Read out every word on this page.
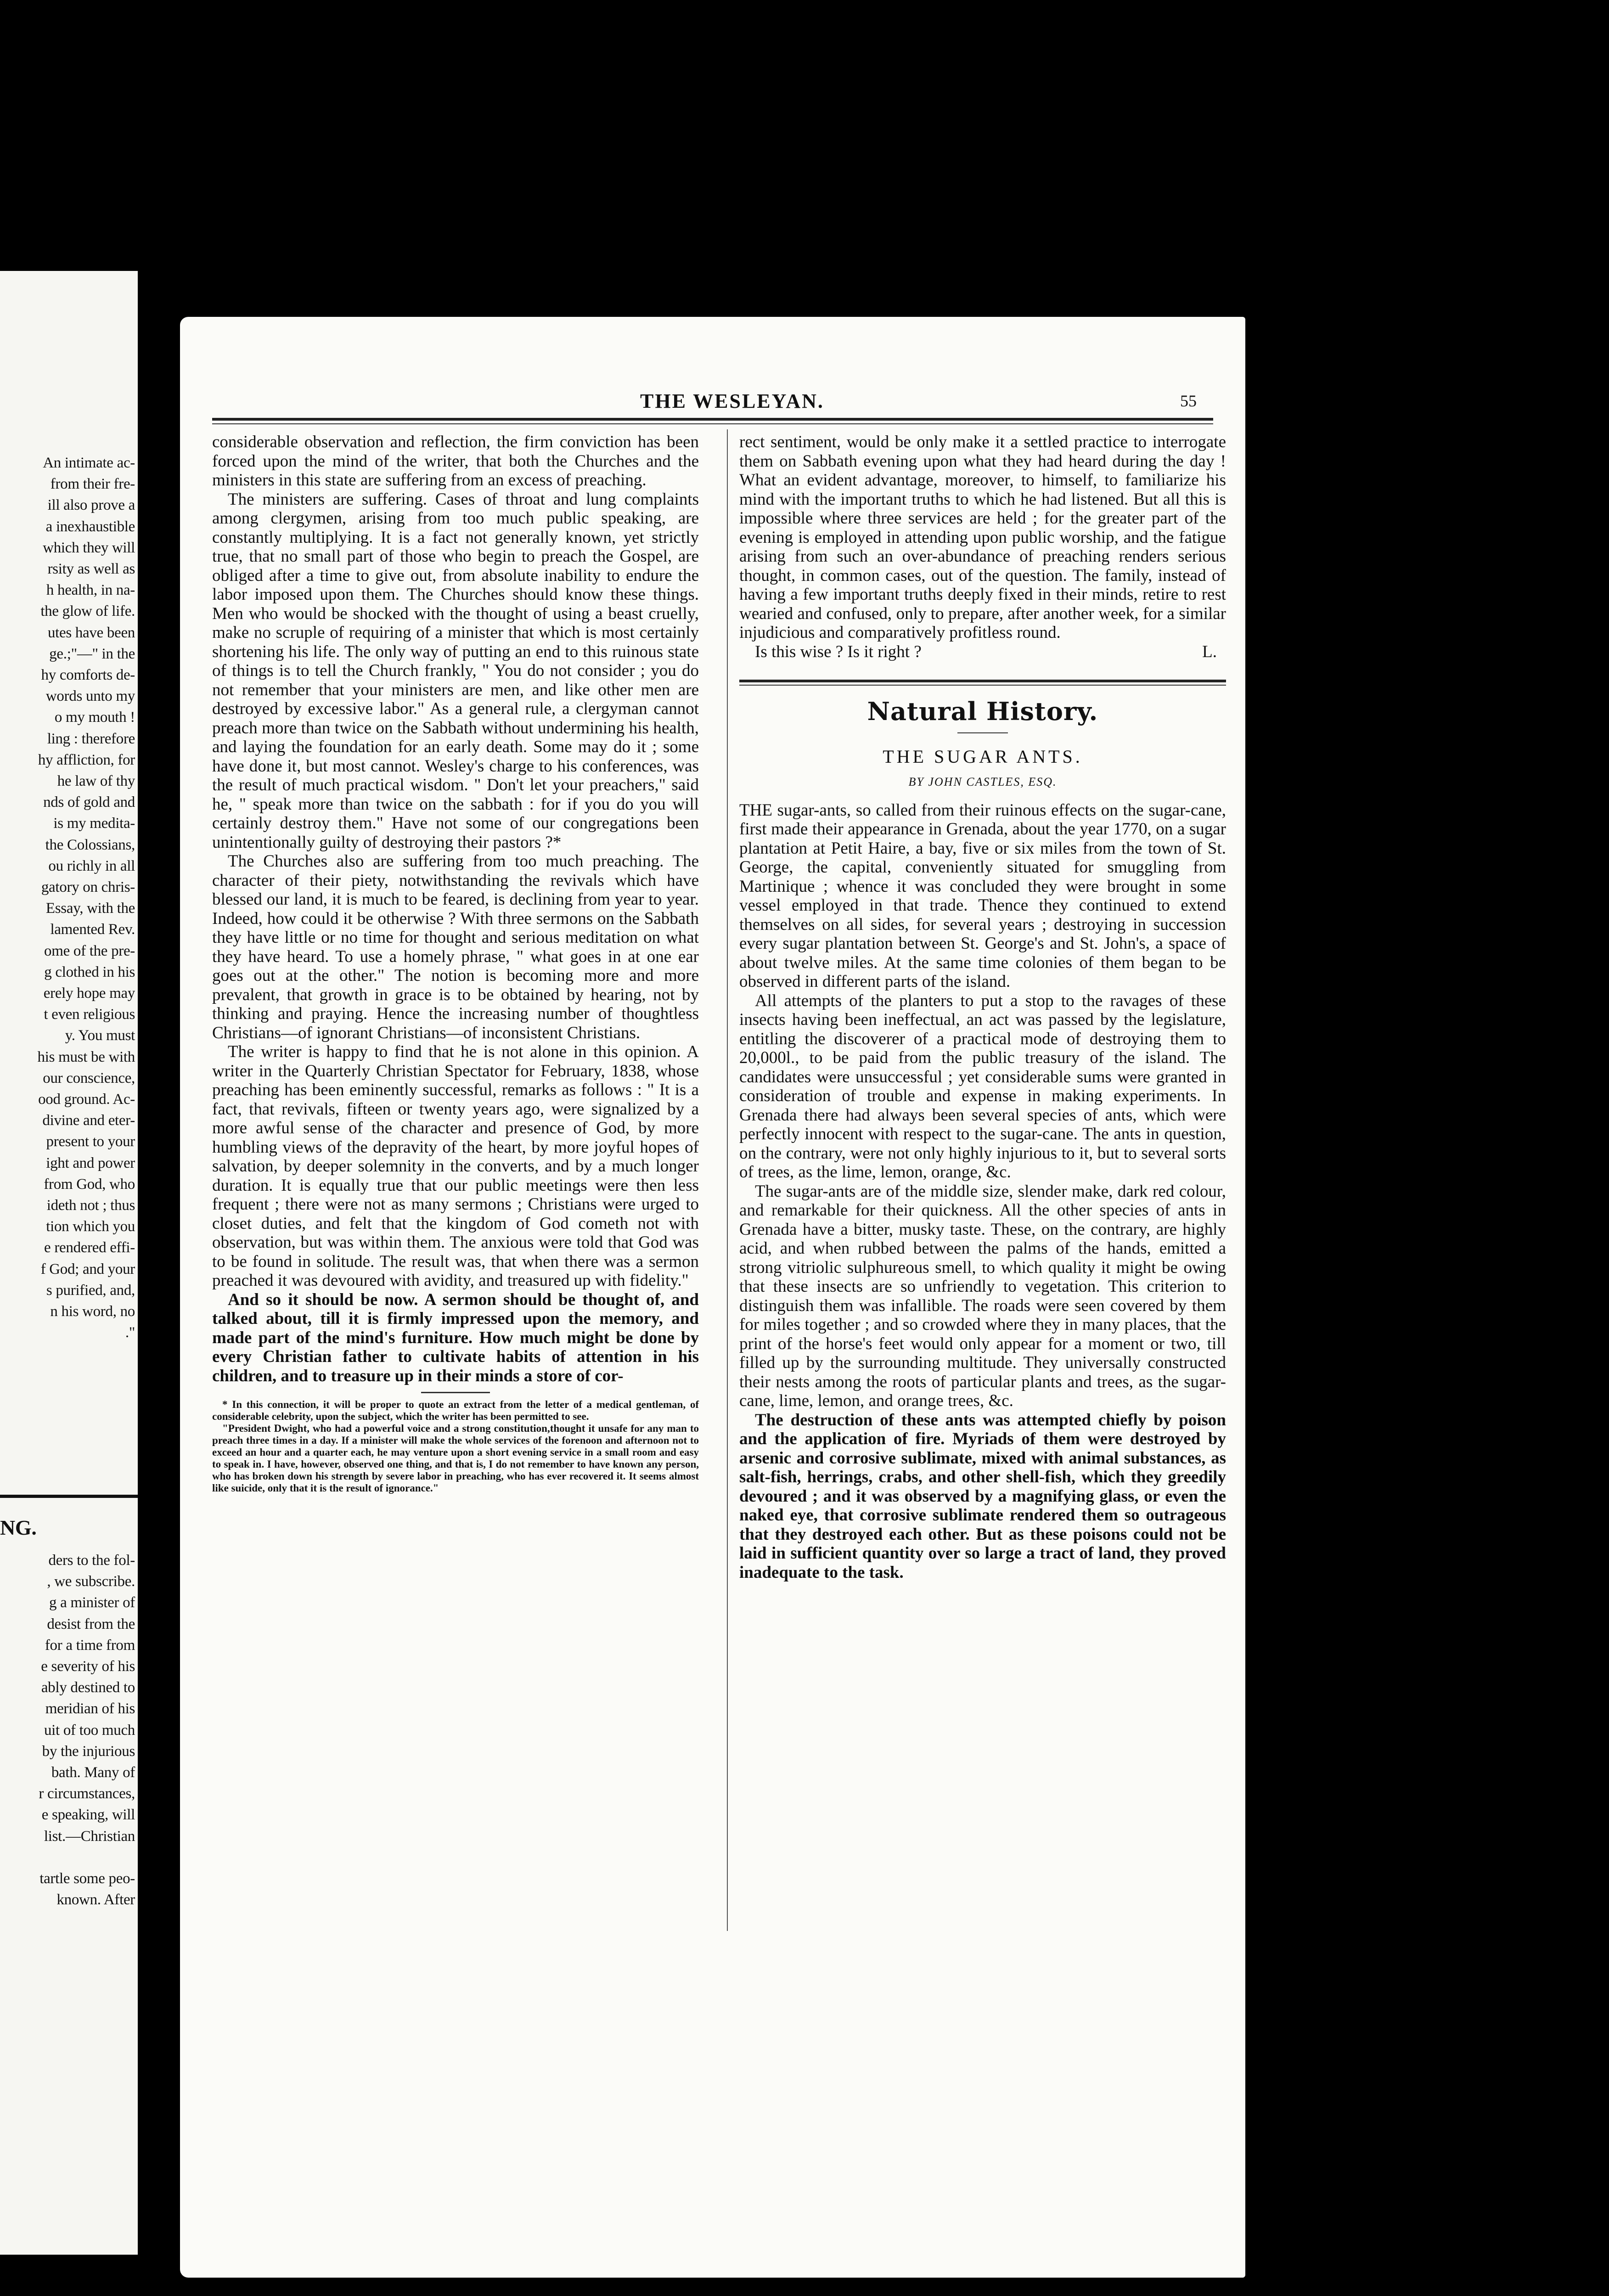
An intimate ac-
from their fre-
ill also prove a
a inexhaustible
which they will
rsity as well as
h health, in na-
the glow of life.
utes have been
ge.;"—" in the
hy comforts de-
words unto my
o my mouth !
ling : therefore
hy affliction, for
he law of thy
nds of gold and
is my medita-
the Colossians,
ou richly in all
gatory on chris-
Essay, with the
lamented Rev.
ome of the pre-
g clothed in his
erely hope may
t even religious
y. You must
his must be with
our conscience,
ood ground. Ac-
divine and eter-
present to your
ight and power
from God, who
ideth not ; thus
tion which you
e rendered effi-
f God; and your
s purified, and,
n his word, no
."
NG.
ders to the fol-
, we subscribe.
g a minister of
desist from the
for a time from
e severity of his
ably destined to
meridian of his
uit of too much
by the injurious
bath. Many of
r circumstances,
e speaking, will
list.—Christian
tartle some peo-
known. After
THE WESLEYAN.	55

considerable observation and reflection, the firm conviction has been forced upon the mind of the writer, that both the Churches and the ministers in this state are suffering from an excess of preaching.

The ministers are suffering. Cases of throat and lung complaints among clergymen, arising from too much public speaking, are constantly multiplying. It is a fact not generally known, yet strictly true, that no small part of those who begin to preach the Gospel, are obliged after a time to give out, from absolute inability to endure the labor imposed upon them. The Churches should know these things. Men who would be shocked with the thought of using a beast cruelly, make no scruple of requiring of a minister that which is most certainly shortening his life. The only way of putting an end to this ruinous state of things is to tell the Church frankly, " You do not consider ; you do not remember that your ministers are men, and like other men are destroyed by excessive labor." As a general rule, a clergyman cannot preach more than twice on the Sabbath without undermining his health, and laying the foundation for an early death. Some may do it ; some have done it, but most cannot. Wesley's charge to his conferences, was the result of much practical wisdom. " Don't let your preachers," said he, " speak more than twice on the sabbath : for if you do you will certainly destroy them." Have not some of our congregations been unintentionally guilty of destroying their pastors ?*

The Churches also are suffering from too much preaching. The character of their piety, notwithstanding the revivals which have blessed our land, it is much to be feared, is declining from year to year. Indeed, how could it be otherwise ? With three sermons on the Sabbath they have little or no time for thought and serious meditation on what they have heard. To use a homely phrase, " what goes in at one ear goes out at the other." The notion is becoming more and more prevalent, that growth in grace is to be obtained by hearing, not by thinking and praying. Hence the increasing number of thoughtless Christians—of ignorant Christians—of inconsistent Christians.

The writer is happy to find that he is not alone in this opinion. A writer in the Quarterly Christian Spectator for February, 1838, whose preaching has been eminently successful, remarks as follows : " It is a fact, that revivals, fifteen or twenty years ago, were signalized by a more awful sense of the character and presence of God, by more humbling views of the depravity of the heart, by more joyful hopes of salvation, by deeper solemnity in the converts, and by a much longer duration. It is equally true that our public meetings were then less frequent ; there were not as many sermons ; Christians were urged to closet duties, and felt that the kingdom of God cometh not with observation, but was within them. The anxious were told that God was to be found in solitude. The result was, that when there was a sermon preached it was devoured with avidity, and treasured up with fidelity."

And so it should be now. A sermon should be thought of, and talked about, till it is firmly impressed upon the memory, and made part of the mind's furniture. How much might be done by every Christian father to cultivate habits of attention in his children, and to treasure up in their minds a store of cor-

* In this connection, it will be proper to quote an extract from the letter of a medical gentleman, of considerable celebrity, upon the subject, which the writer has been permitted to see.

"President Dwight, who had a powerful voice and a strong constitution,thought it unsafe for any man to preach three times in a day. If a minister will make the whole services of the forenoon and afternoon not to exceed an hour and a quarter each, he may venture upon a short evening service in a small room and easy to speak in. I have, however, observed one thing, and that is, I do not remember to have known any person, who has broken down his strength by severe labor in preaching, who has ever recovered it. It seems almost like suicide, only that it is the result of ignorance."

rect sentiment, would be only make it a settled practice to interrogate them on Sabbath evening upon what they had heard during the day ! What an evident advantage, moreover, to himself, to familiarize his mind with the important truths to which he had listened. But all this is impossible where three services are held ; for the greater part of the evening is employed in attending upon public worship, and the fatigue arising from such an over-abundance of preaching renders serious thought, in common cases, out of the question. The family, instead of having a few important truths deeply fixed in their minds, retire to rest wearied and confused, only to prepare, after another week, for a similar injudicious and comparatively profitless round.

Is this wise ? Is it right ?	L.
Natural History.
THE SUGAR ANTS.
BY JOHN CASTLES, ESQ.

THE sugar-ants, so called from their ruinous effects on the sugar-cane, first made their appearance in Grenada, about the year 1770, on a sugar plantation at Petit Haire, a bay, five or six miles from the town of St. George, the capital, conveniently situated for smuggling from Martinique ; whence it was concluded they were brought in some vessel employed in that trade. Thence they continued to extend themselves on all sides, for several years ; destroying in succession every sugar plantation between St. George's and St. John's, a space of about twelve miles. At the same time colonies of them began to be observed in different parts of the island.

All attempts of the planters to put a stop to the ravages of these insects having been ineffectual, an act was passed by the legislature, entitling the discoverer of a practical mode of destroying them to 20,000l., to be paid from the public treasury of the island. The candidates were unsuccessful ; yet considerable sums were granted in consideration of trouble and expense in making experiments. In Grenada there had always been several species of ants, which were perfectly innocent with respect to the sugar-cane. The ants in question, on the contrary, were not only highly injurious to it, but to several sorts of trees, as the lime, lemon, orange, &c.

The sugar-ants are of the middle size, slender make, dark red colour, and remarkable for their quickness. All the other species of ants in Grenada have a bitter, musky taste. These, on the contrary, are highly acid, and when rubbed between the palms of the hands, emitted a strong vitriolic sulphureous smell, to which quality it might be owing that these insects are so unfriendly to vegetation. This criterion to distinguish them was infallible. The roads were seen covered by them for miles together ; and so crowded where they in many places, that the print of the horse's feet would only appear for a moment or two, till filled up by the surrounding multitude. They universally constructed their nests among the roots of particular plants and trees, as the sugar-cane, lime, lemon, and orange trees, &c.

The destruction of these ants was attempted chiefly by poison and the application of fire. Myriads of them were destroyed by arsenic and corrosive sublimate, mixed with animal substances, as salt-fish, herrings, crabs, and other shell-fish, which they greedily devoured ; and it was observed by a magnifying glass, or even the naked eye, that corrosive sublimate rendered them so outrageous that they destroyed each other. But as these poisons could not be laid in sufficient quantity over so large a tract of land, they proved inadequate to the task.
